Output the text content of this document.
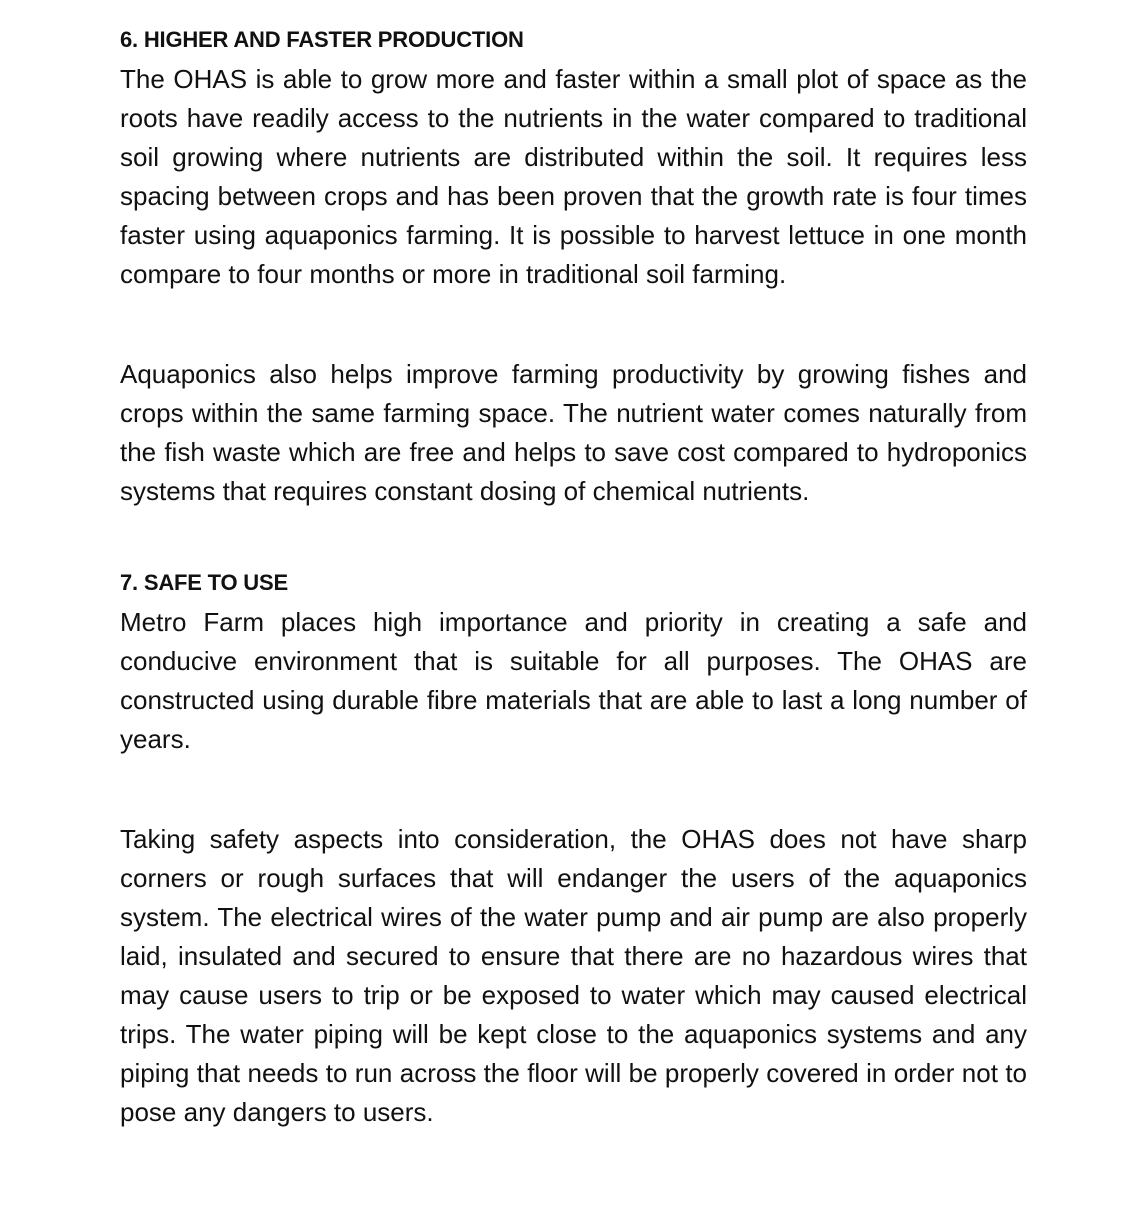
6. HIGHER AND FASTER PRODUCTION

The OHAS is able to grow more and faster within a small plot of space as the roots have readily access to the nutrients in the water compared to traditional soil growing where nutrients are distributed within the soil. It requires less spacing between crops and has been proven that the growth rate is four times faster using aquaponics farming. It is possible to harvest lettuce in one month compare to four months or more in traditional soil farming.

Aquaponics also helps improve farming productivity by growing fishes and crops within the same farming space. The nutrient water comes naturally from the fish waste which are free and helps to save cost compared to hydroponics systems that requires constant dosing of chemical nutrients.

7. SAFE TO USE

Metro Farm places high importance and priority in creating a safe and conducive environment that is suitable for all purposes. The OHAS are constructed using durable fibre materials that are able to last a long number of years.

Taking safety aspects into consideration, the OHAS does not have sharp corners or rough surfaces that will endanger the users of the aquaponics system. The electrical wires of the water pump and air pump are also properly laid, insulated and secured to ensure that there are no hazardous wires that may cause users to trip or be exposed to water which may caused electrical trips. The water piping will be kept close to the aquaponics systems and any piping that needs to run across the floor will be properly covered in order not to pose any dangers to users.
